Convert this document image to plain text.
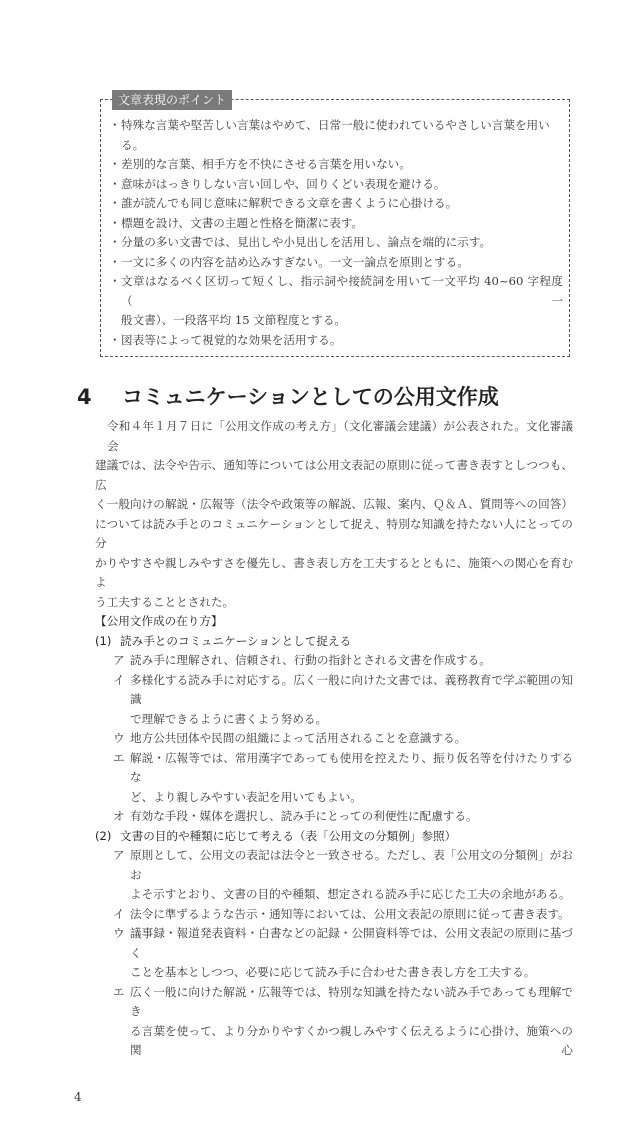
文章表現のポイント
・ 特殊な言葉や堅苦しい言葉はやめて、日常一般に使われているやさしい言葉を用いる。
・ 差別的な言葉、相手方を不快にさせる言葉を用いない。
・ 意味がはっきりしない言い回しや、回りくどい表現を避ける。
・ 誰が読んでも同じ意味に解釈できる文章を書くように心掛ける。
・ 標題を設け、文書の主題と性格を簡潔に表す。
・ 分量の多い文書では、見出しや小見出しを活用し、論点を端的に示す。
・ 一文に多くの内容を詰め込みすぎない。一文一論点を原則とする。
・ 文章はなるべく区切って短くし、指示詞や接続詞を用いて一文平均 40~60 字程度（一
般文書）、一段落平均 15 文節程度とする。
・ 図表等によって視覚的な効果を活用する。
4 コミュニケーションとしての公用文作成
令和４年１月７日に「公用文作成の考え方」（文化審議会建議）が公表された。文化審議会
建議では、法令や告示、通知等については公用文表記の原則に従って書き表すとしつつも、広
く一般向けの解説・広報等（法令や政策等の解説、広報、案内、Ｑ＆Ａ、質問等への回答）
については読み手とのコミュニケーションとして捉え、特別な知識を持たない人にとっての分
かりやすさや親しみやすさを優先し、書き表し方を工夫するとともに、施策への関心を育むよ
う工夫することとされた。
【公用文作成の在り方】
(1) 読み手とのコミュニケーションとして捉える
ア 読み手に理解され、信頼され、行動の指針とされる文書を作成する。
イ 多様化する読み手に対応する。広く一般に向けた文書では、義務教育で学ぶ範囲の知識
で理解できるように書くよう努める。
ウ 地方公共団体や民間の組織によって活用されることを意識する。
エ 解説・広報等では、常用漢字であっても使用を控えたり、振り仮名等を付けたりするな
ど、より親しみやすい表記を用いてもよい。
オ 有効な手段・媒体を選択し、読み手にとっての利便性に配慮する。
(2) 文書の目的や種類に応じて考える（表「公用文の分類例」参照）
ア 原則として、公用文の表記は法令と一致させる。ただし、表「公用文の分類例」がおお
よそ示すとおり、文書の目的や種類、想定される読み手に応じた工夫の余地がある。
イ 法令に準ずるような告示・通知等においては、公用文表記の原則に従って書き表す。
ウ 議事録・報道発表資料・白書などの記録・公開資料等では、公用文表記の原則に基づく
ことを基本としつつ、必要に応じて読み手に合わせた書き表し方を工夫する。
エ 広く一般に向けた解説・広報等では、特別な知識を持たない読み手であっても理解でき
る言葉を使って、より分かりやすくかつ親しみやすく伝えるように心掛け、施策への関心
4
